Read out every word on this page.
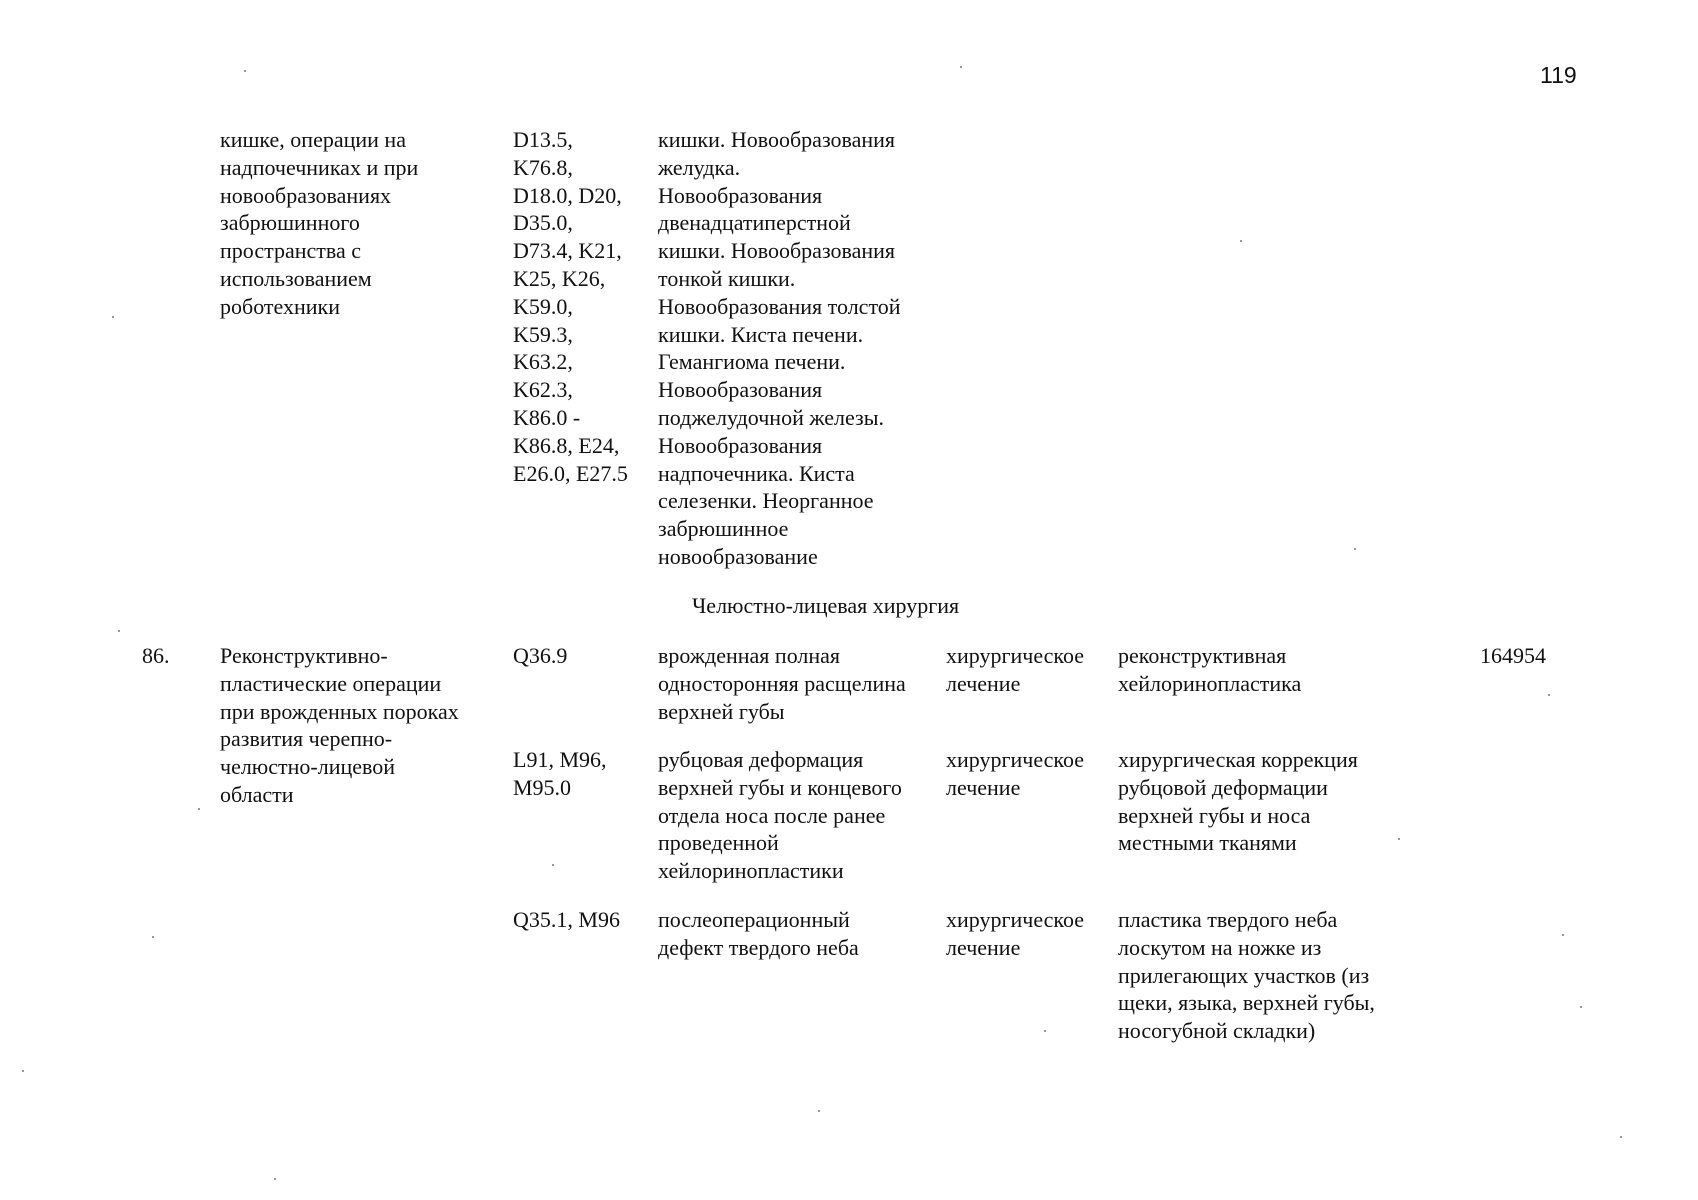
119
кишке, операции на
надпочечниках и при
новообразованиях
забрюшинного
пространства с
использованием
роботехники
D13.5,
K76.8,
D18.0, D20,
D35.0,
D73.4, K21,
K25, K26,
K59.0,
K59.3,
K63.2,
K62.3,
K86.0 -
K86.8, E24,
E26.0, E27.5
кишки. Новообразования
желудка.
Новообразования
двенадцатиперстной
кишки. Новообразования
тонкой кишки.
Новообразования толстой
кишки. Киста печени.
Гемангиома печени.
Новообразования
поджелудочной железы.
Новообразования
надпочечника. Киста
селезенки. Неорганное
забрюшинное
новообразование
Челюстно-лицевая хирургия
86. Реконструктивно-
пластические операции
при врожденных пороках
развития черепно-
челюстно-лицевой
области
164954
Q36.9	врожденная полная
односторонняя расщелина
верхней губы
хирургическое
лечение
реконструктивная
хейлоринопластика
L91, M96,
M95.0
рубцовая деформация
верхней губы и концевого
отдела носа после ранее
проведенной
хейлоринопластики
хирургическое
лечение
хирургическая коррекция
рубцовой деформации
верхней губы и носа
местными тканями
Q35.1, M96 послеоперационный
дефект твердого неба
хирургическое
лечение
пластика твердого неба
лоскутом на ножке из
прилегающих участков (из
щеки, языка, верхней губы,
носогубной складки)
